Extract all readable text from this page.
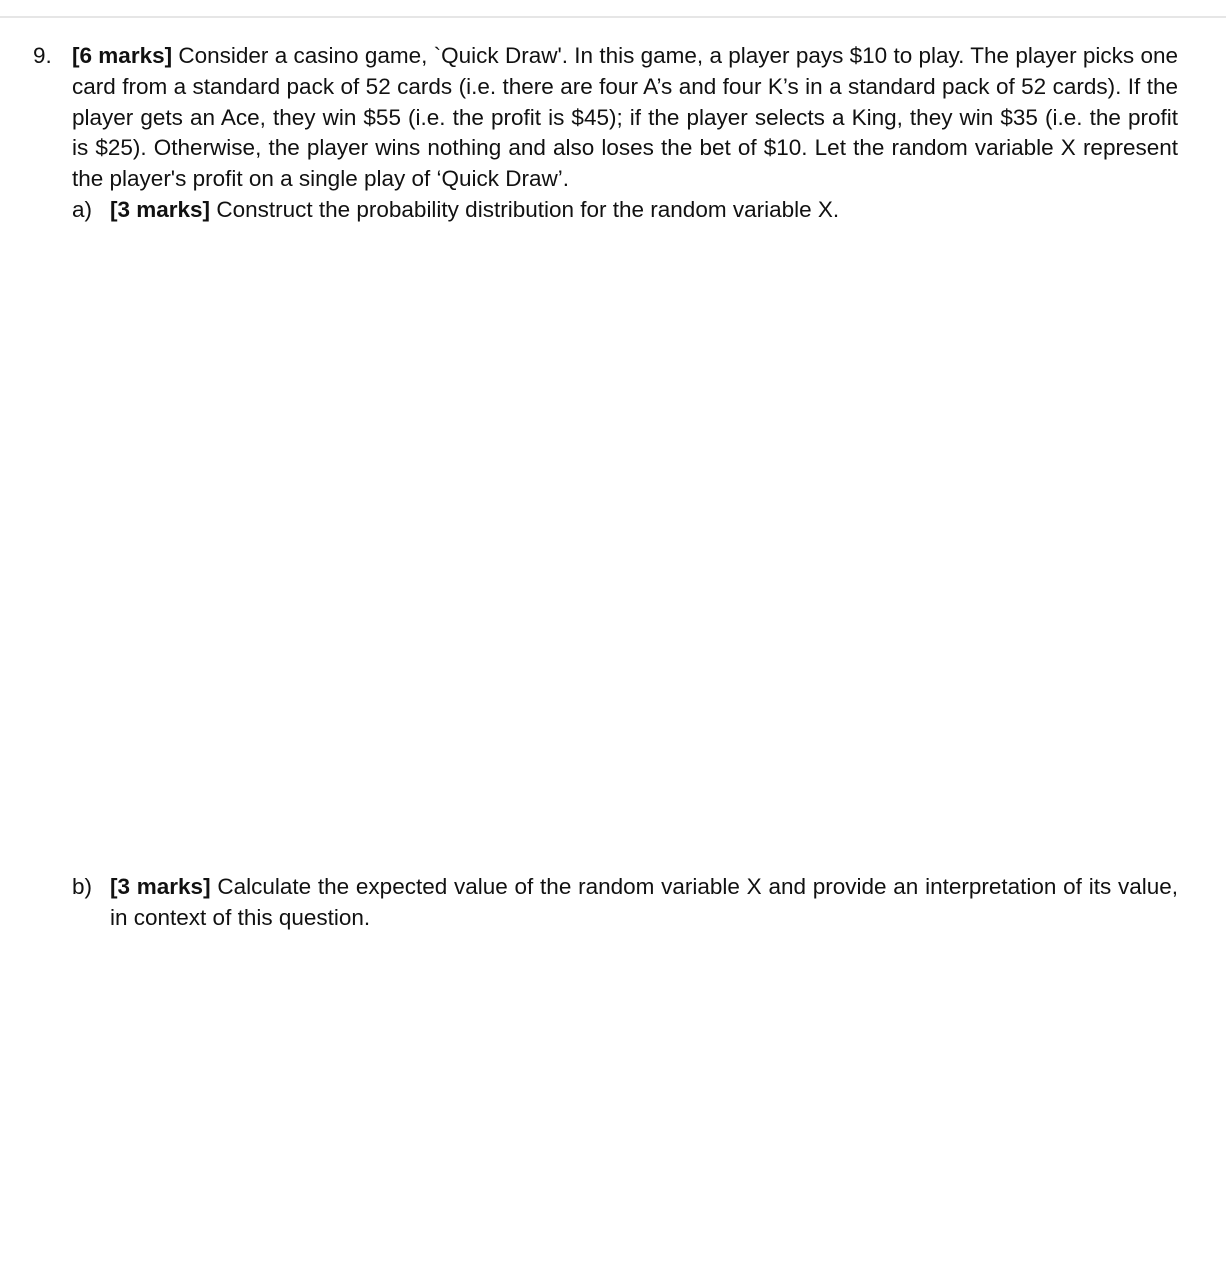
9. [6 marks] Consider a casino game, `Quick Draw'. In this game, a player pays $10 to play. The player picks one card from a standard pack of 52 cards (i.e. there are four A’s and four K’s in a standard pack of 52 cards). If the player gets an Ace, they win $55 (i.e. the profit is $45); if the player selects a King, they win $35 (i.e. the profit is $25). Otherwise, the player wins nothing and also loses the bet of $10. Let the random variable X represent the player's profit on a single play of ‘Quick Draw’.
a) [3 marks] Construct the probability distribution for the random variable X.
b) [3 marks] Calculate the expected value of the random variable X and provide an interpretation of its value, in context of this question.
